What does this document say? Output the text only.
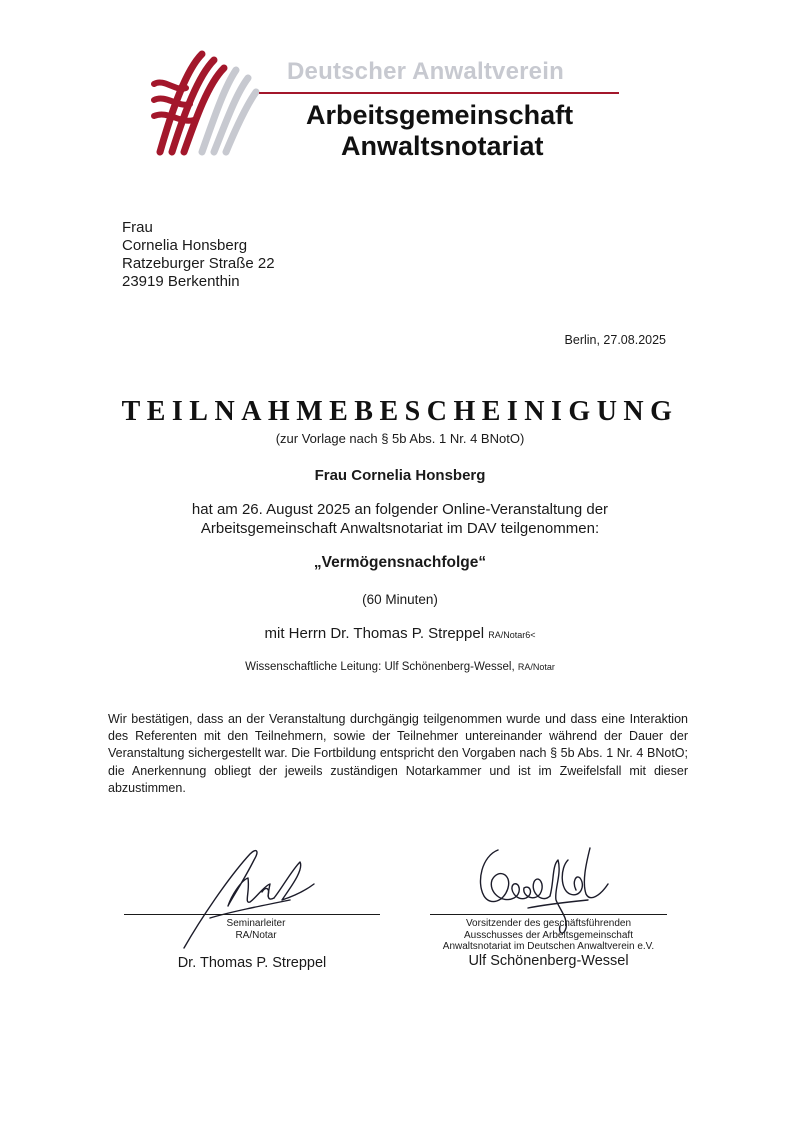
Deutscher Anwaltverein
Arbeitsgemeinschaft
Anwaltsnotariat
Frau
Cornelia Honsberg
Ratzeburger Straße 22
23919 Berkenthin
Berlin, 27.08.2025
TEILNAHMEBESCHEINIGUNG
(zur Vorlage nach § 5b Abs. 1 Nr. 4 BNotO)
Frau Cornelia Honsberg
hat am 26. August 2025 an folgender Online-Veranstaltung der
Arbeitsgemeinschaft Anwaltsnotariat im DAV teilgenommen:
„Vermögensnachfolge“
(60 Minuten)
mit Herrn Dr. Thomas P. Streppel RA/Notar6<
Wissenschaftliche Leitung: Ulf Schönenberg-Wessel, RA/Notar
Wir bestätigen, dass an der Veranstaltung durchgängig teilgenommen wurde und dass eine Interaktion des Referenten mit den Teilnehmern, sowie der Teilnehmer untereinander während der Dauer der Veranstaltung sichergestellt war. Die Fortbildung entspricht den Vorgaben nach § 5b Abs. 1 Nr. 4 BNotO; die Anerkennung obliegt der jeweils zuständigen Notarkammer und ist im Zweifelsfall mit dieser abzustimmen.
Seminarleiter
RA/Notar
Vorsitzender des geschäftsführenden
Ausschusses der Arbeitsgemeinschaft
Anwaltsnotariat im Deutschen Anwaltverein e.V.
Dr. Thomas P. Streppel	Ulf Schönenberg-Wessel
